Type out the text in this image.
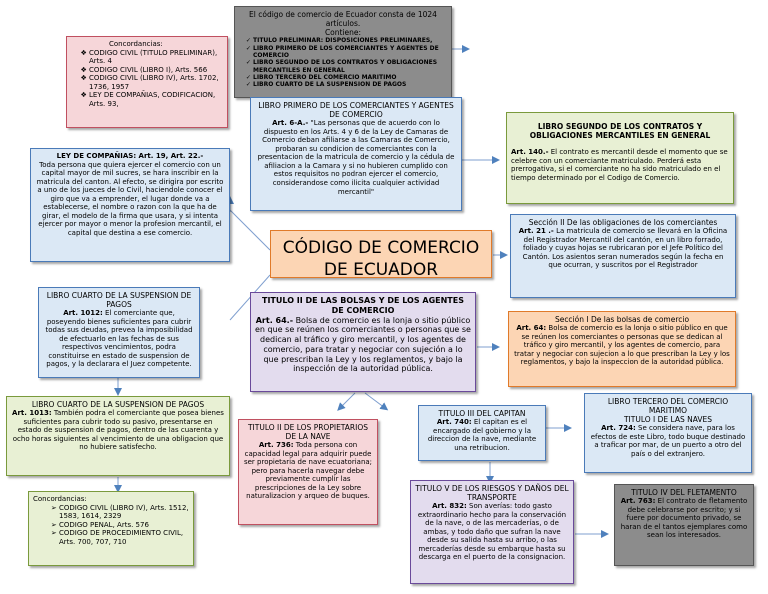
El código de comercio de Ecuador consta de 1024 artículos.
Contiene:
✓ TITULO PRELIMINAR: DISPOSICIONES PRELIMINARES,
✓ LIBRO PRIMERO DE LOS COMERCIANTES Y AGENTES DE COMERCIO
✓ LIBRO SEGUNDO DE LOS CONTRATOS Y OBLIGACIONES MERCANTILES EN GENERAL
✓ LIBRO TERCERO DEL COMERCIO MARITIMO
✓ LIBRO CUARTO DE LA SUSPENSION DE PAGOS
Concordancias:
❖ CODIGO CIVIL (TITULO PRELIMINAR), Arts. 4
❖ CODIGO CIVIL (LIBRO I), Arts. 566
❖ CODIGO CIVIL (LIBRO IV), Arts. 1702, 1736, 1957
❖ LEY DE COMPAÑIAS, CODIFICACION, Arts. 93,	LIBRO PRIMERO DE LOS COMERCIANTES Y AGENTES DE COMERCIO
Art. 6-A.- "Las personas que de acuerdo con lo dispuesto en los Arts. 4 y 6 de la Ley de Camaras de Comercio deban afiliarse a las Camaras de Comercio, probaran su condicion de comerciantes con la presentacion de la matricula de comercio y la cédula de afiliacion a la Camara y si no hubieren cumplido con estos requisitos no podran ejercer el comercio, considerandose como ilicita cualquier actividad mercantil"
LIBRO SEGUNDO DE LOS CONTRATOS Y OBLIGACIONES MERCANTILES EN GENERAL
Art. 140.- El contrato es mercantil desde el momento que se celebre con un comerciante matriculado. Perderá esta prerrogativa, si el comerciante no ha sido matriculado en el tiempo determinado por el Codigo de Comercio.
LEY DE COMPAÑIAS: Art. 19, Art. 22.-
Toda persona que quiera ejercer el comercio con un capital mayor de mil sucres, se hara inscribir en la matricula del canton. Al efecto, se dirigira por escrito a uno de los jueces de lo Civil, haciendole conocer el giro que va a emprender, el lugar donde va a establecerse, el nombre o razon con la que ha de girar, el modelo de la firma que usara, y si intenta ejercer por mayor o menor la profesion mercantil, el capital que destina a ese comercio.
CÓDIGO DE COMERCIO DE ECUADOR
Sección II De las obligaciones de los comerciantes
Art. 21 .- La matricula de comercio se llevará en la Oficina del Registrador Mercantil del cantón, en un libro forrado, foliado y cuyas hojas se rubricaran por el Jefe Político del Cantón. Los asientos seran numerados según la fecha en que ocurran, y suscritos por el Registrador
LIBRO CUARTO DE LA SUSPENSION DE PAGOS
Art. 1012: El comerciante que, poseyendo bienes suficientes para cubrir todas sus deudas, prevea la imposibilidad de efectuarlo en las fechas de sus respectivos vencimientos, podra constituirse en estado de suspension de pagos, y la declarara el Juez competente.
TITULO II DE LAS BOLSAS Y DE LOS AGENTES DE COMERCIO
Art. 64.- Bolsa de comercio es la lonja o sitio público en que se reúnen los comerciantes o personas que se dedican al tráfico y giro mercantil, y los agentes de comercio, para tratar y negociar con sujeción a lo que prescriban la Ley y los reglamentos, y bajo la inspección de la autoridad pública.
Sección I De las bolsas de comercio
Art. 64: Bolsa de comercio es la lonja o sitio público en que se reúnen los comerciantes o personas que se dedican al tráfico y giro mercantil, y los agentes de comercio, para tratar y negociar con sujecion a lo que prescriban la Ley y los reglamentos, y bajo la inspeccion de la autoridad pública.
LIBRO CUARTO DE LA SUSPENSION DE PAGOS
Art. 1013: También podra el comerciante que posea bienes suficientes para cubrir todo su pasivo, presentarse en estado de suspension de pagos, dentro de las cuarenta y ocho horas siguientes al vencimiento de una obligacion que no hubiere satisfecho.
TITULO II DE LOS PROPIETARIOS DE LA NAVE
Art. 736: Toda persona con capacidad legal para adquirir puede ser propietaria de nave ecuatoriana; pero para hacerla navegar debe previamente cumplir las prescripciones de la Ley sobre naturalizacion y arqueo de buques.
TITULO III DEL CAPITAN
Art. 740: El capitan es el encargado del gobierno y la direccion de la nave, mediante una retribucion.
LIBRO TERCERO DEL COMERCIO MARITIMO
TITULO I DE LAS NAVES
Art. 724: Se considera nave, para los efectos de este Libro, todo buque destinado a traficar por mar, de un puerto a otro del país o del extranjero.
Concordancias:
➢ CODIGO CIVIL (LIBRO IV), Arts. 1512, 1583, 1614, 2329
➢ CODIGO PENAL, Arts. 576
➢ CODIGO DE PROCEDIMIENTO CIVIL, Arts. 700, 707, 710
TITULO V DE LOS RIESGOS Y DAÑOS DEL TRANSPORTE
Art. 832: Son averías: todo gasto extraordinario hecho para la conservación de la nave, o de las mercaderías, o de ambas, y todo daño que sufran la nave desde su salida hasta su arribo, o las mercaderías desde su embarque hasta su descarga en el puerto de la consignacion.
TITULO IV DEL FLETAMENTO
Art. 763: El contrato de fletamento debe celebrarse por escrito; y si fuere por documento privado, se haran de el tantos ejemplares como sean los interesados.
